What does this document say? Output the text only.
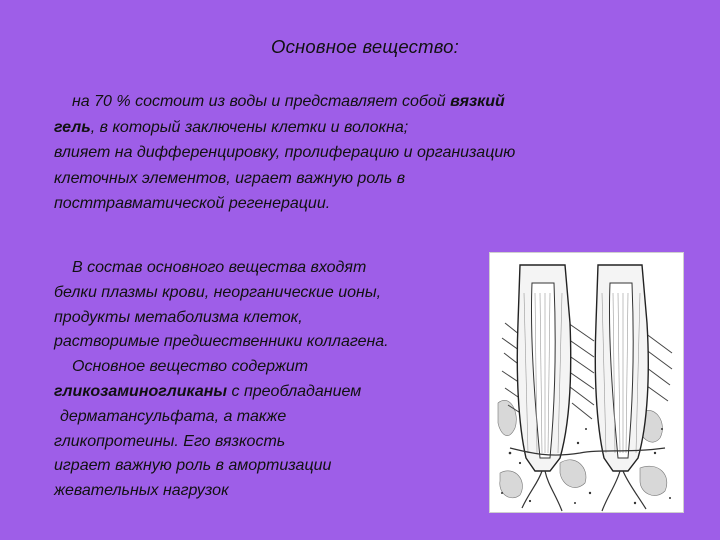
Основное вещество:
на 70 % состоит из воды и представляет собой вязкий
гель, в который заключены клетки и волокна;
влияет на дифференцировку, пролиферацию и организацию
клеточных элементов, играет важную роль в
посттравматической регенерации.
В состав основного вещества входят
белки плазмы крови, неорганические ионы,
продукты метаболизма клеток,
растворимые предшественники коллагена.
Основное вещество содержит
гликозаминогликаны с преобладанием
дерматансульфата, а также
гликопротеины. Его вязкость
играет важную роль в амортизации
жевательных нагрузок
